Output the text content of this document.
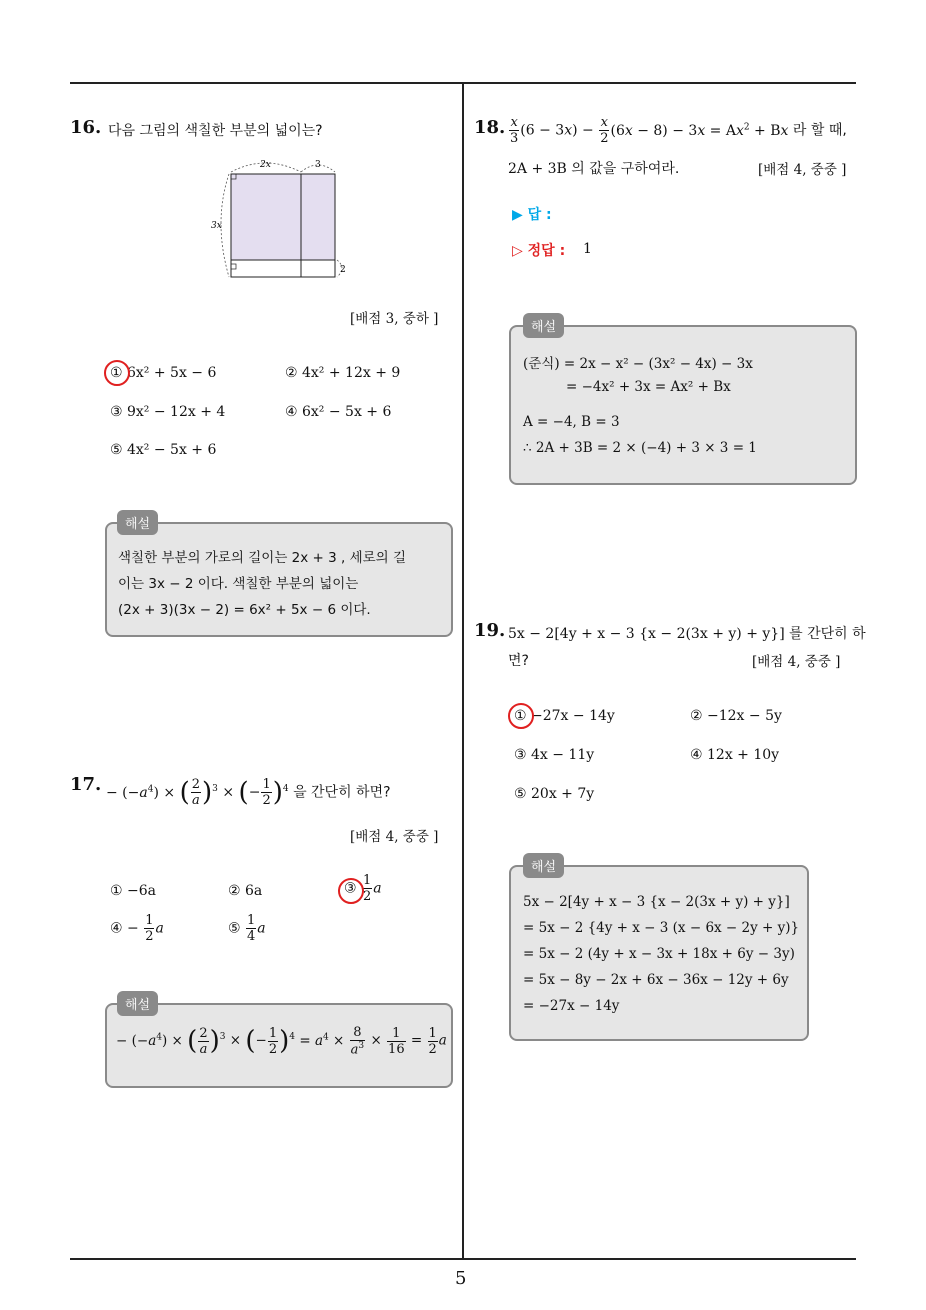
5
16. 다음 그림의 색칠한 부분의 넓이는?
2x	3
3x
2
[배점 3, 중하 ]
① 6x² + 5x − 6	② 4x² + 12x + 9
③ 9x² − 12x + 4	④ 6x² − 5x + 6
⑤ 4x² − 5x + 6
해설
색칠한 부분의 가로의 길이는 2x + 3 , 세로의 길
이는 3x − 2 이다. 색칠한 부분의 넓이는
(2x + 3)(3x − 2) = 6x² + 5x − 6 이다.
17. − $(-a^4)$ × ( $\frac{2}{a} )^3$ × (− $\frac{1}{2} )^4$ 을 간단히 하면?
[배점 4, 중중 ]
① −6a	② 6a	③ $\frac{1}{2}$ a
④ − $\frac{1}{2}$ a	⑤ $\frac{1}{4}$ a
해설
− $(-a^4)$ × ( $\frac{2}{a} )^3$ × (− $\frac{1}{2} )^4 = a^4 \times \frac{8}{a^3} \times \frac{1}{16} = \frac{1}{2}$ a
18. $\frac{x}{3} (6 - 3x) - \frac{x}{2} (6x - 8) - 3x = Ax^2 + Bx$ 라 할 때,
2A + 3B 의 값을 구하여라.	[배점 4, 중중 ]
▶ 답 :
▷ 정답 : 1
해설
(준식) = 2x − x² − (3x² − 4x) − 3x
= −4x² + 3x = Ax² + Bx
A = −4, B = 3
∴ 2A + 3B = 2 × (−4) + 3 × 3 = 1
19. 5x − 2[4y + x − 3 {x − 2(3x + y) + y}] 를 간단히 하
면?	[배점 4, 중중 ]
① −27x − 14y	② −12x − 5y
③ 4x − 11y	④ 12x + 10y
⑤ 20x + 7y
해설
5x − 2[4y + x − 3 {x − 2(3x + y) + y}]
= 5x − 2 {4y + x − 3 (x − 6x − 2y + y)}
= 5x − 2 (4y + x − 3x + 18x + 6y − 3y)
= 5x − 8y − 2x + 6x − 36x − 12y + 6y
= −27x − 14y
